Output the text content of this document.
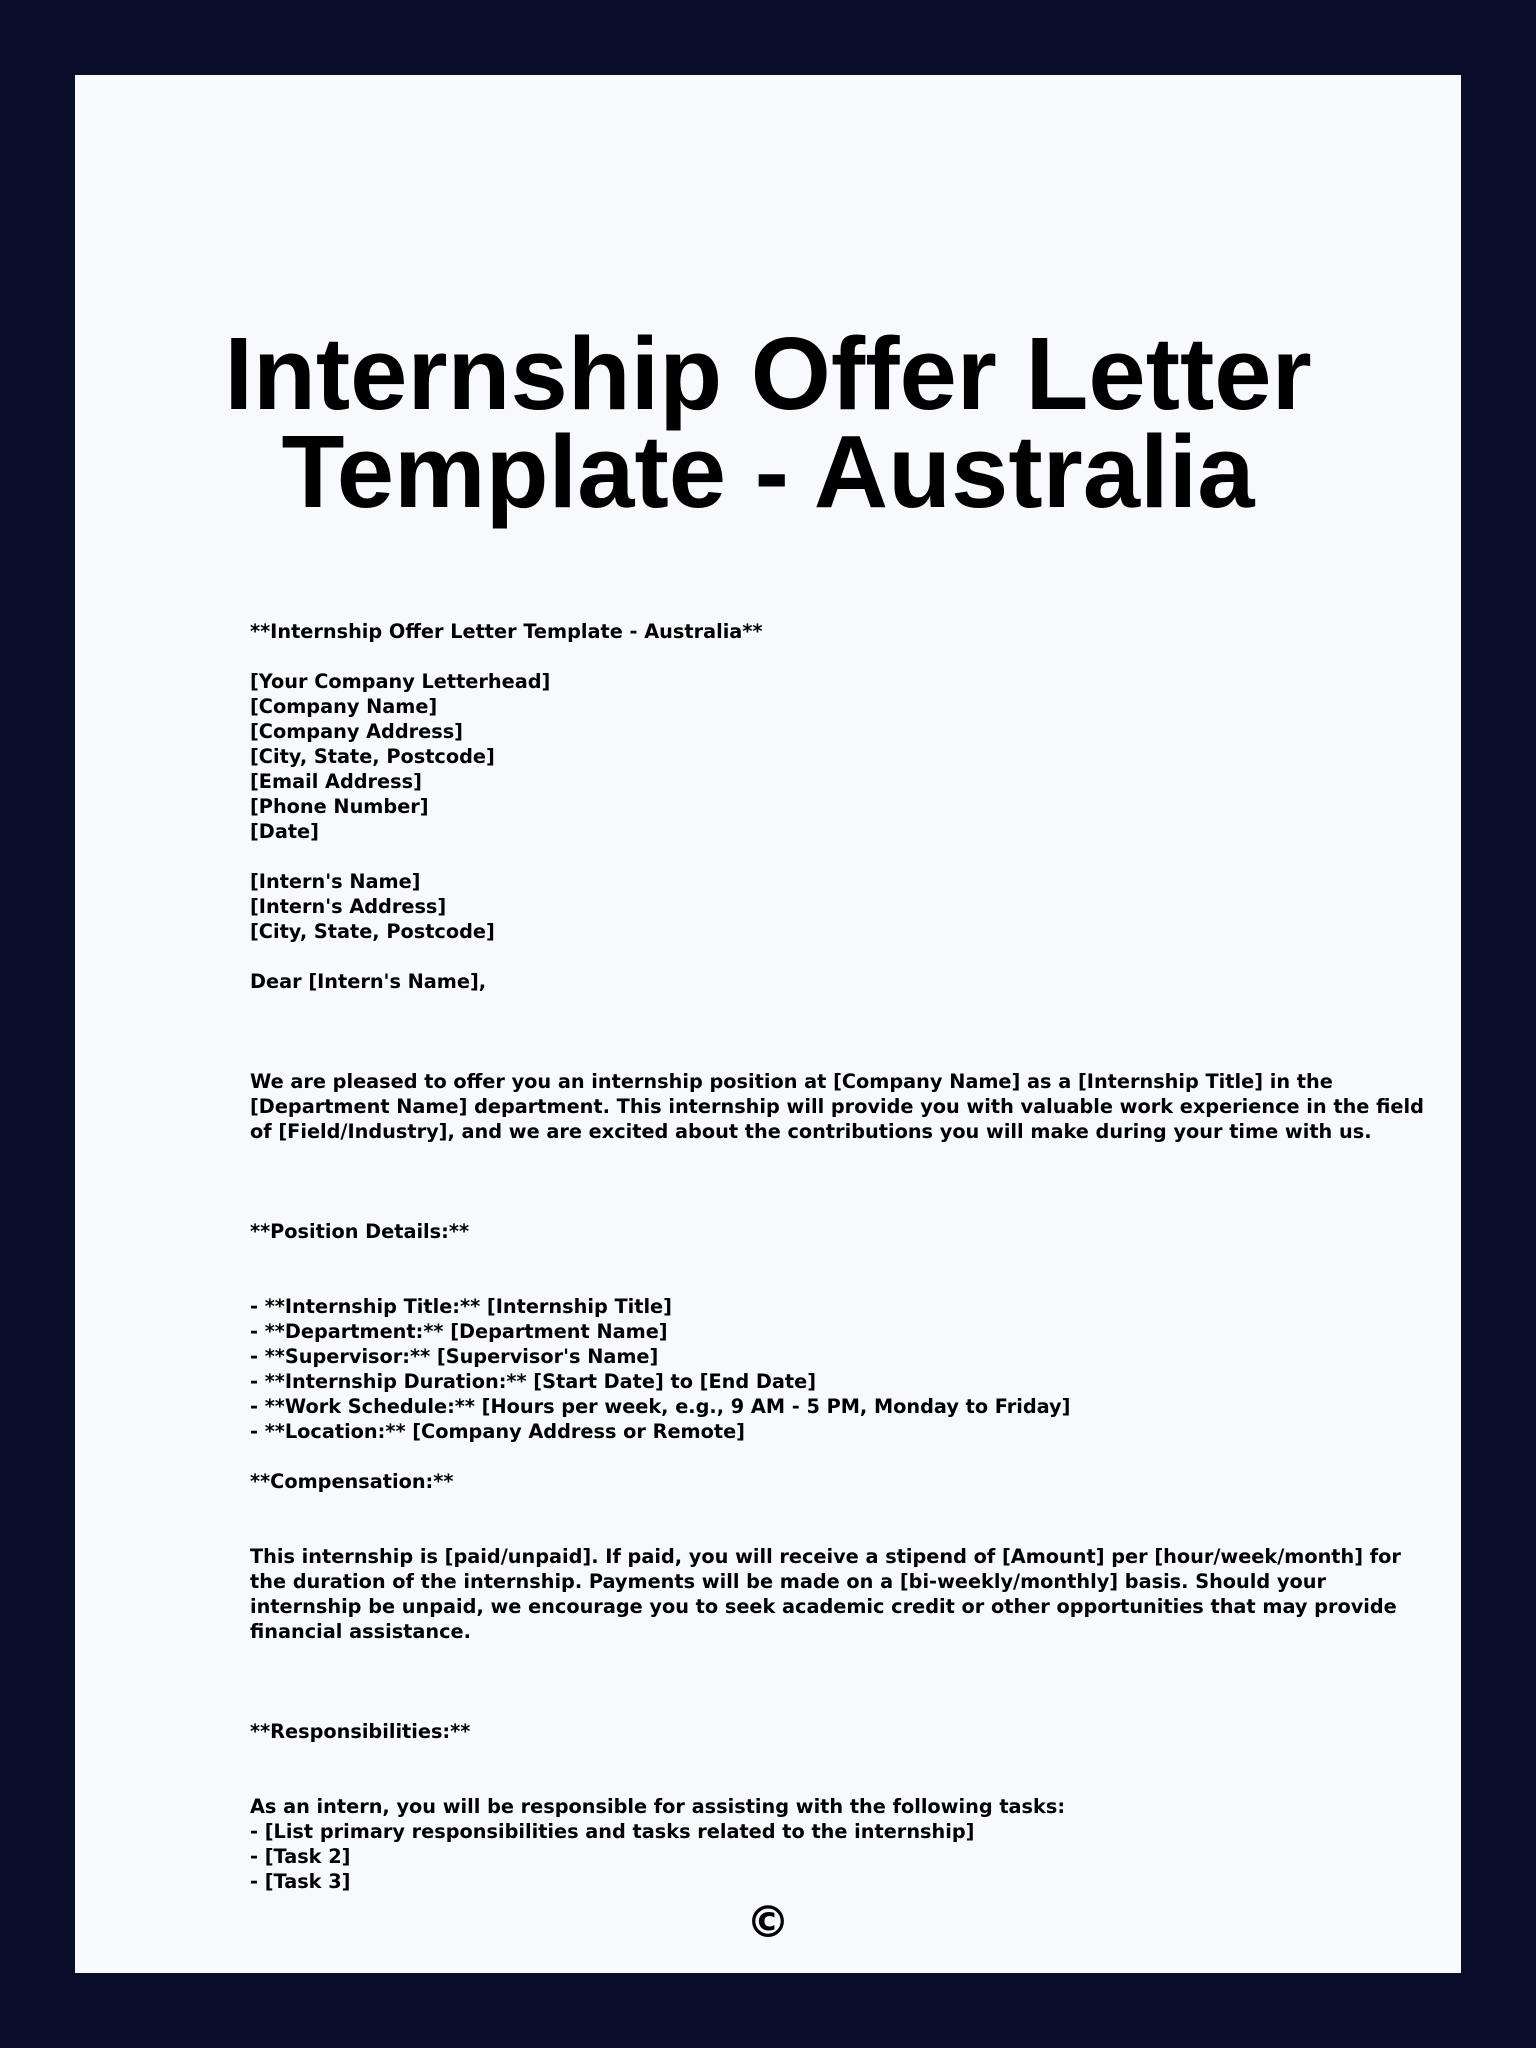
Internship Offer Letter
Template - Australia
**Internship Offer Letter Template - Australia**
[Your Company Letterhead]
[Company Name]
[Company Address]
[City, State, Postcode]
[Email Address]
[Phone Number]
[Date]
[Intern's Name]
[Intern's Address]
[City, State, Postcode]
Dear [Intern's Name],
We are pleased to offer you an internship position at [Company Name] as a [Internship Title] in the
[Department Name] department. This internship will provide you with valuable work experience in the field
of [Field/Industry], and we are excited about the contributions you will make during your time with us.
**Position Details:**
- **Internship Title:** [Internship Title]
- **Department:** [Department Name]
- **Supervisor:** [Supervisor's Name]
- **Internship Duration:** [Start Date] to [End Date]
- **Work Schedule:** [Hours per week, e.g., 9 AM - 5 PM, Monday to Friday]
- **Location:** [Company Address or Remote]
**Compensation:**
This internship is [paid/unpaid]. If paid, you will receive a stipend of [Amount] per [hour/week/month] for
the duration of the internship. Payments will be made on a [bi-weekly/monthly] basis. Should your
internship be unpaid, we encourage you to seek academic credit or other opportunities that may provide
financial assistance.
**Responsibilities:**
As an intern, you will be responsible for assisting with the following tasks:
- [List primary responsibilities and tasks related to the internship]
- [Task 2]
- [Task 3]
©
